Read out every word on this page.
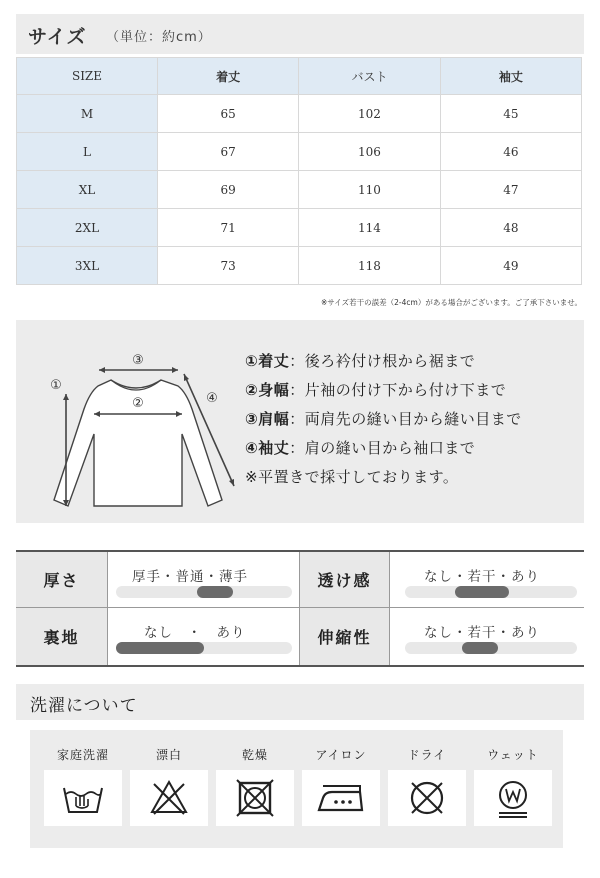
サイズ （単位：約cm）
SIZE	着丈	バスト	袖丈
M	65	102	45
L	67	106	46
XL	69	110	47
2XL	71	114	48
3XL	73	118	49
※サイズ若干の誤差（2-4cm）がある場合がございます。ご了承下さいませ。
③
②
①
④
①着丈：後ろ衿付け根から裾まで
②身幅：片袖の付け下から付け下まで
③肩幅：両肩先の縫い目から縫い目まで
④袖丈：肩の縫い目から袖口まで
※平置きで採寸しております。
厚さ	厚手・普通・薄手	透け感	なし・若干・あり
裏地	なし　・　あり	伸縮性	なし・若干・あり
洗濯について
家庭洗濯	漂白	乾燥	アイロン	ドライ	ウェット
